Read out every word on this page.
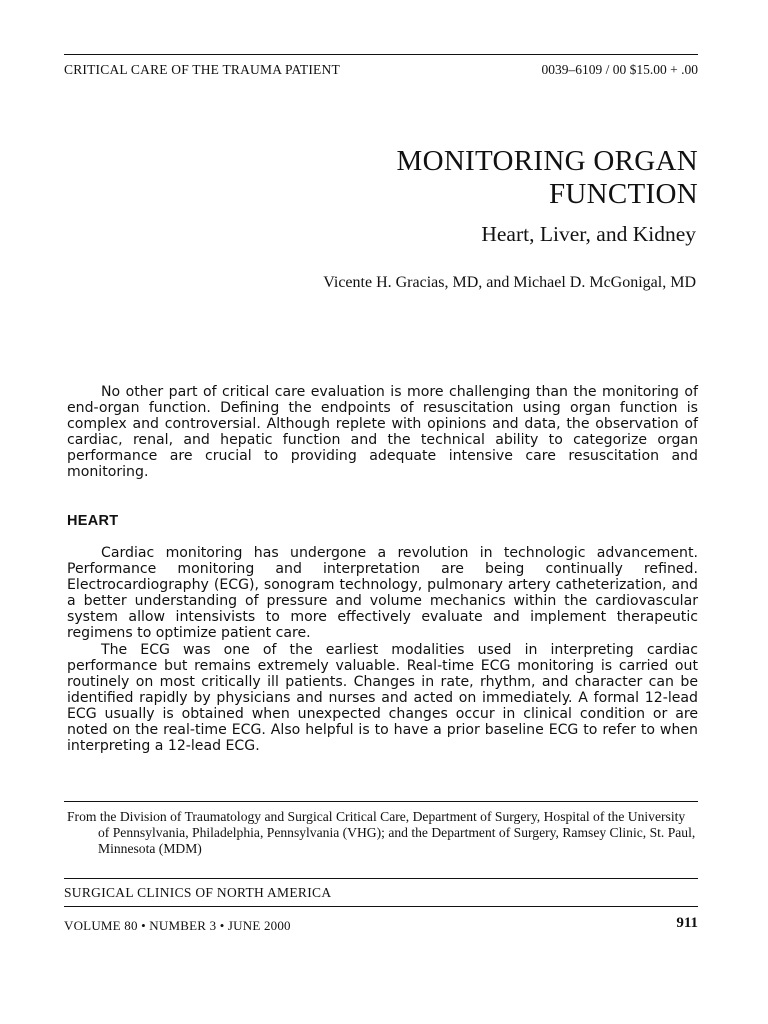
CRITICAL CARE OF THE TRAUMA PATIENT	0039–6109 / 00 $15.00 + .00
MONITORING ORGAN
FUNCTION
Heart, Liver, and Kidney
Vicente H. Gracias, MD, and Michael D. McGonigal, MD

No other part of critical care evaluation is more challenging than the monitoring of end-organ function. Defining the endpoints of resuscitation using organ function is complex and controversial. Although replete with opinions and data, the observation of cardiac, renal, and hepatic function and the technical ability to categorize organ performance are crucial to providing adequate intensive care resuscitation and monitoring.

HEART

Cardiac monitoring has undergone a revolution in technologic advancement. Performance monitoring and interpretation are being continually refined. Electrocardiography (ECG), sonogram technology, pulmonary artery catheterization, and a better understanding of pressure and volume mechanics within the cardiovascular system allow intensivists to more effectively evaluate and implement therapeutic regimens to optimize patient care.

The ECG was one of the earliest modalities used in interpreting cardiac performance but remains extremely valuable. Real-time ECG monitoring is carried out routinely on most critically ill patients. Changes in rate, rhythm, and character can be identified rapidly by physicians and nurses and acted on immediately. A formal 12-lead ECG usually is obtained when unexpected changes occur in clinical condition or are noted on the real-time ECG. Also helpful is to have a prior baseline ECG to refer to when interpreting a 12-lead ECG.

From the Division of Traumatology and Surgical Critical Care, Department of Surgery, Hospital of the University of Pennsylvania, Philadelphia, Pennsylvania (VHG); and the Department of Surgery, Ramsey Clinic, St. Paul, Minnesota (MDM)

SURGICAL CLINICS OF NORTH AMERICA
VOLUME 80 • NUMBER 3 • JUNE 2000	911
